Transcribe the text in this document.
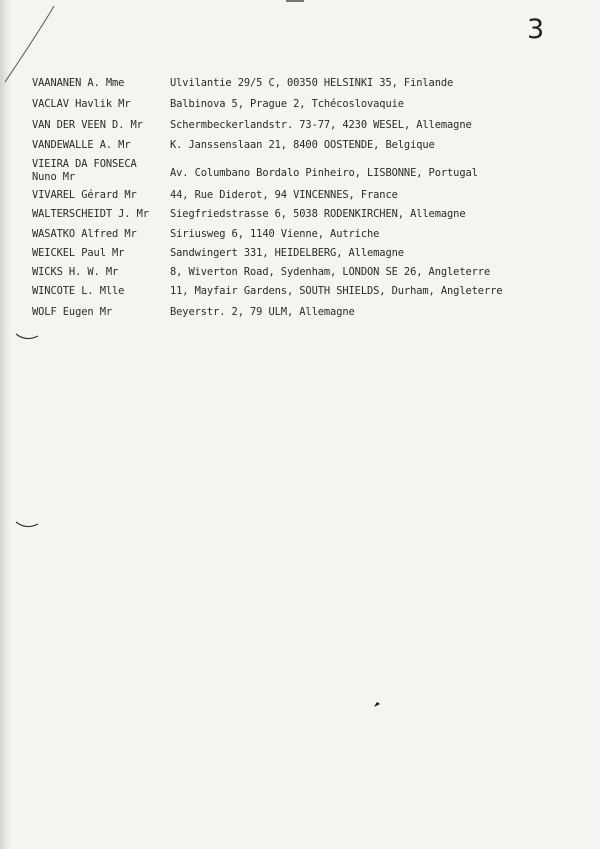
3
VAANANEN A. Mme	Ulvilantie 29/5 C, 00350 HELSINKI 35, Finlande
VACLAV Havlik Mr	Balbinova 5, Prague 2, Tchécoslovaquie
VAN DER VEEN D. Mr	Schermbeckerlandstr. 73-77, 4230 WESEL, Allemagne
VANDEWALLE A. Mr	K. Janssenslaan 21, 8400 OOSTENDE, Belgique
VIEIRA DA FONSECA
Nuno Mr	Av. Columbano Bordalo Pinheiro, LISBONNE, Portugal
VIVAREL Gérard Mr	44, Rue Diderot, 94 VINCENNES, France
WALTERSCHEIDT J. Mr Siegfriedstrasse 6, 5038 RODENKIRCHEN, Allemagne
WASATKO Alfred Mr	Siriusweg 6, 1140 Vienne, Autriche
WEICKEL Paul Mr	Sandwingert 331, HEIDELBERG, Allemagne
WICKS H. W. Mr	8, Wiverton Road, Sydenham, LONDON SE 26, Angleterre
WINCOTE L. Mlle	11, Mayfair Gardens, SOUTH SHIELDS, Durham, Angleterre
WOLF Eugen Mr	Beyerstr. 2, 79 ULM, Allemagne
